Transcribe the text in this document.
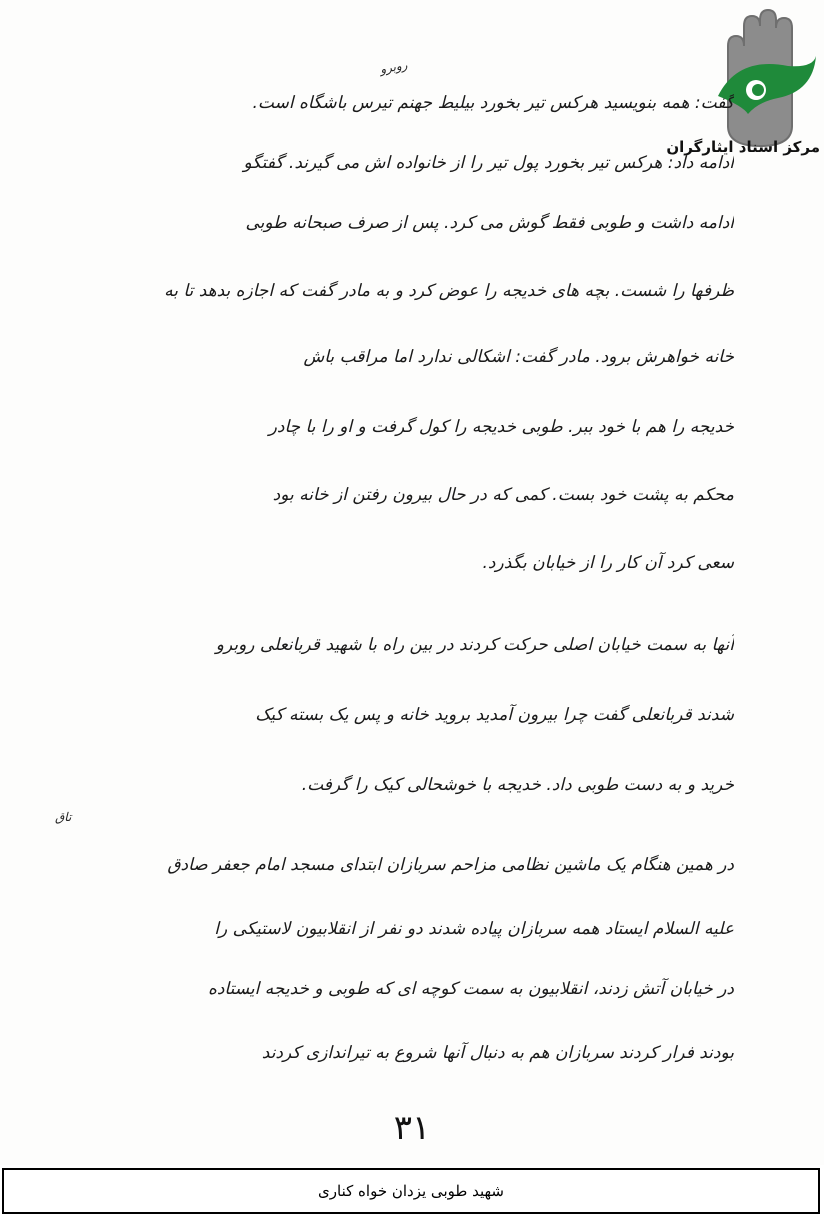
مرکز اسناد ایثارگران
روبرو
تاق
گفت: همه بنویسید هرکس تیر بخورد بیلیط جهنم تیرس باشگاه است.
ادامه داد: هرکس تیر بخورد پول تیر را از خانواده اش می گیرند. گفتگو
ادامه داشت و طوبی فقط گوش می کرد. پس از صرف صبحانه طوبی
ظرفها را شست. بچه های خدیجه را عوض کرد و به مادر گفت که اجازه بدهد تا به
خانه خواهرش برود. مادر گفت: اشکالی ندارد اما مراقب باش
خدیجه را هم با خود ببر. طوبی خدیجه را کول گرفت و او را با چادر
محکم به پشت خود بست. کمی که در حال بیرون رفتن از خانه بود
سعی کرد آن کار را از خیابان بگذرد.
آنها به سمت خیابان اصلی حرکت کردند در بین راه با شهید قربانعلی روبرو
شدند قربانعلی گفت چرا بیرون آمدید بروید خانه و پس یک بسته کیک
خرید و به دست طوبی داد. خدیجه با خوشحالی کیک را گرفت.
در همین هنگام یک ماشین نظامی مزاحم سربازان ابتدای مسجد امام جعفر صادق
علیه السلام ایستاد همه سربازان پیاده شدند دو نفر از انقلابیون لاستیکی را
در خیابان آتش زدند، انقلابیون به سمت کوچه ای که طوبی و خدیجه ایستاده
بودند فرار کردند سربازان هم به دنبال آنها شروع به تیراندازی کردند
۳۱
شهید طوبی یزدان خواه کناری
